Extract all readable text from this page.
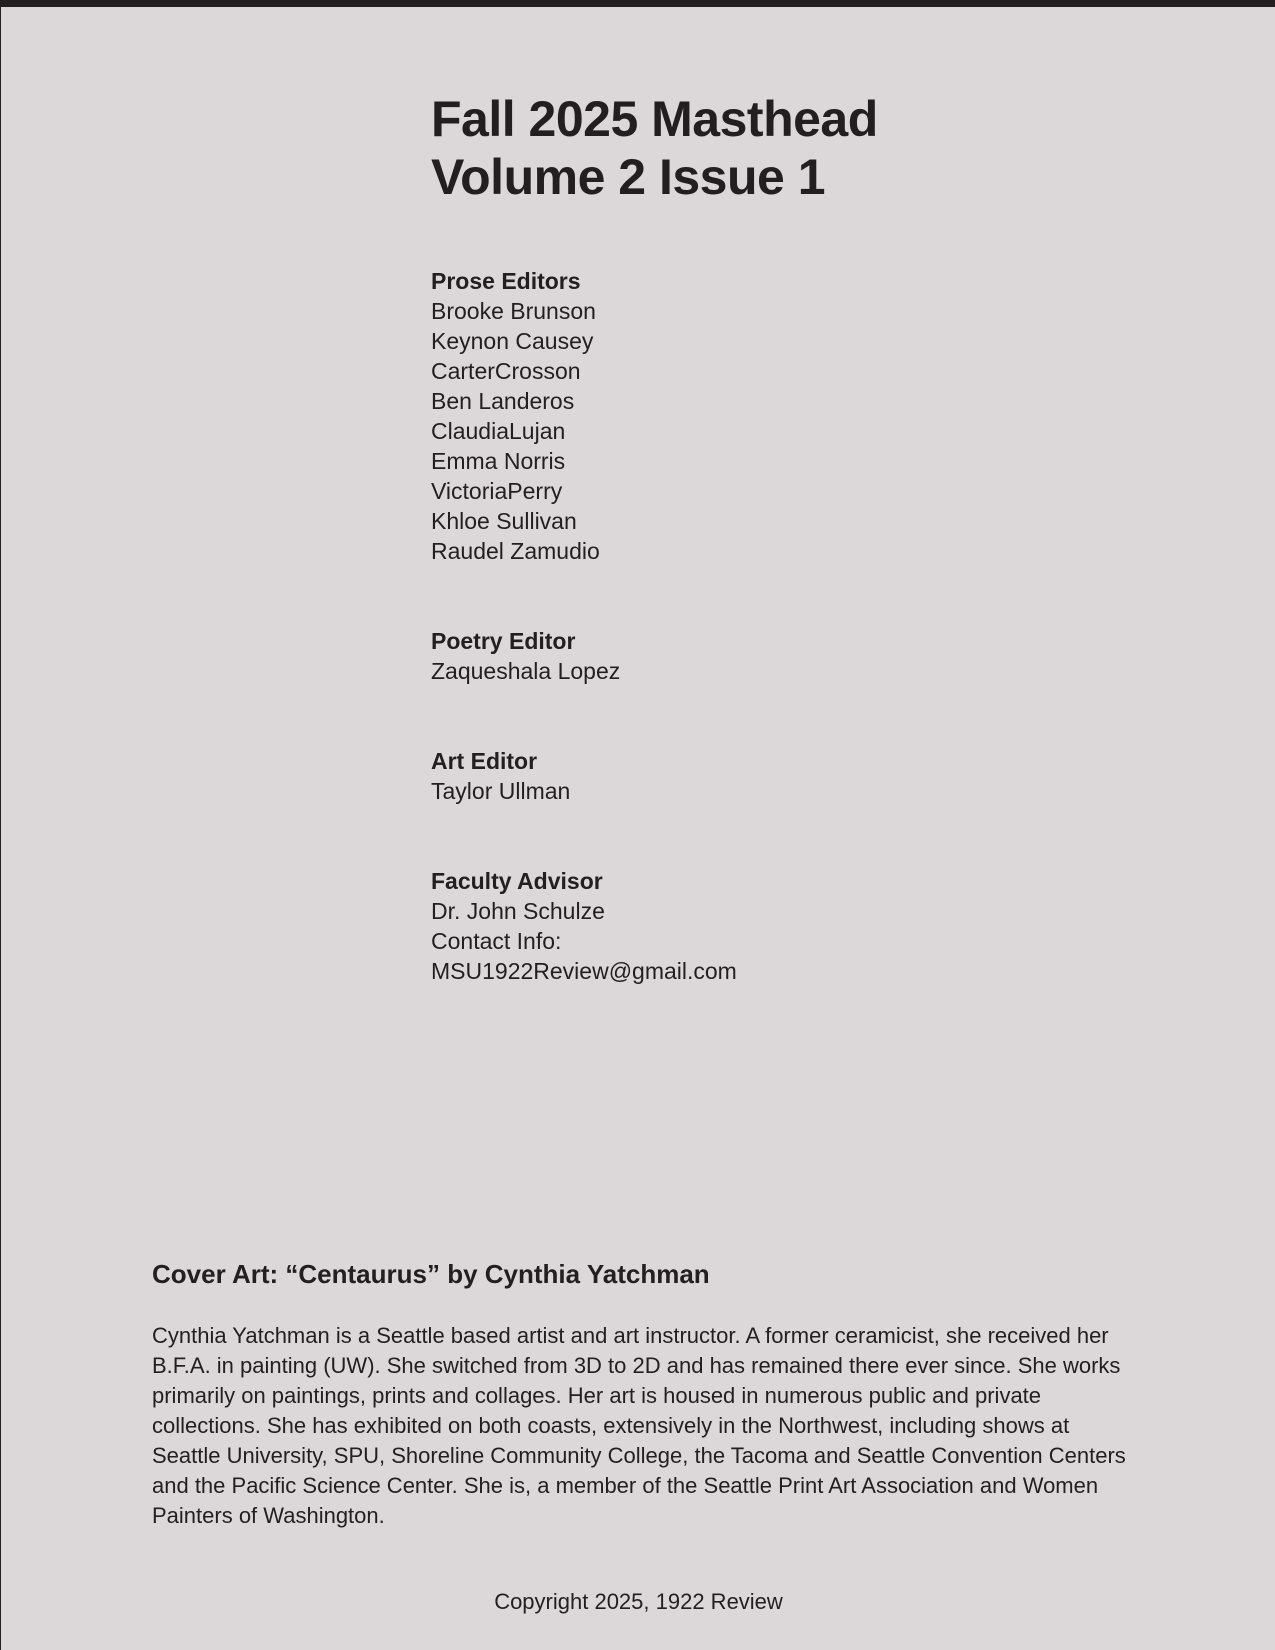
Fall 2025 Masthead
Volume 2 Issue 1
Prose Editors
Brooke Brunson
Keynon Causey
CarterCrosson
Ben Landeros
ClaudiaLujan
Emma Norris
VictoriaPerry
Khloe Sullivan
Raudel Zamudio
Poetry Editor
Zaqueshala Lopez
Art Editor
Taylor Ullman
Faculty Advisor
Dr. John Schulze
Contact Info:
MSU1922Review@gmail.com
Cover Art: “Centaurus” by Cynthia Yatchman

Cynthia Yatchman is a Seattle based artist and art instructor. A former ceramicist, she received her B.F.A. in painting (UW). She switched from 3D to 2D and has remained there ever since. She works primarily on paintings, prints and collages. Her art is housed in numerous public and private collections. She has exhibited on both coasts, extensively in the Northwest, including shows at Seattle University, SPU, Shoreline Community College, the Tacoma and Seattle Convention Centers and the Pacific Science Center. She is, a member of the Seattle Print Art Association and Women Painters of Washington.

Copyright 2025, 1922 Review
